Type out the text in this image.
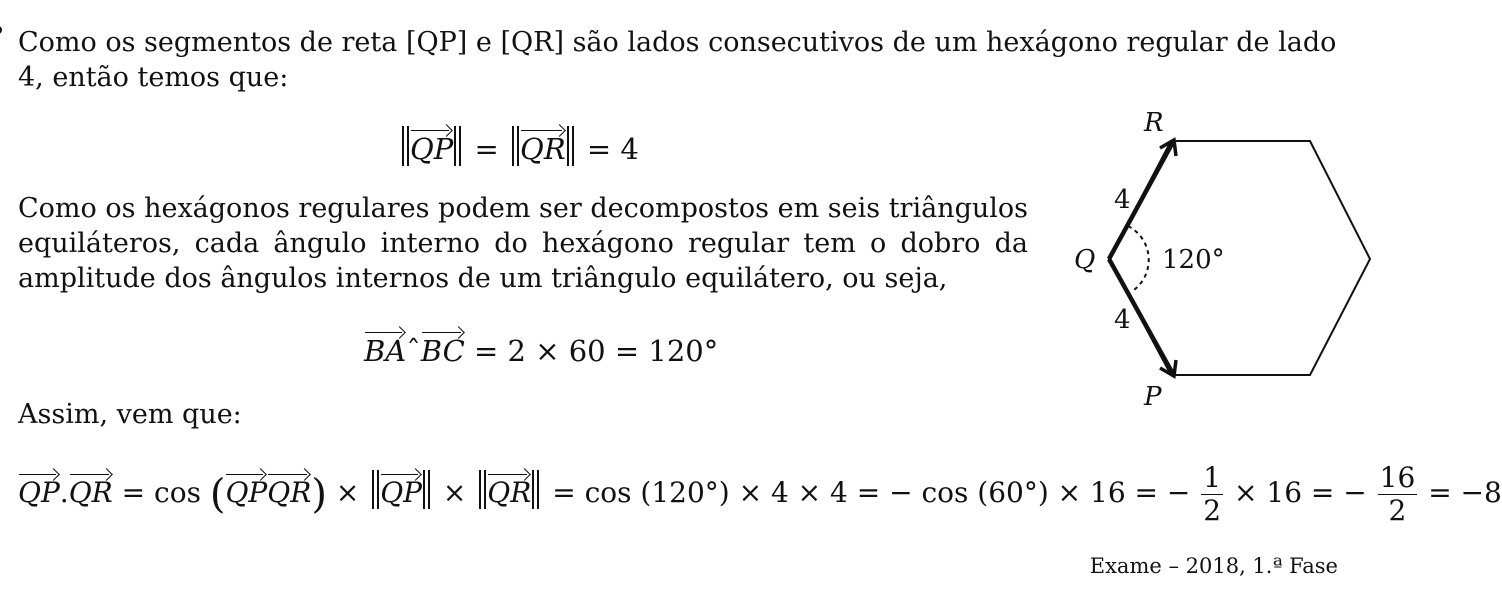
Como os segmentos de reta [QP] e [QR] são lados consecutivos de um hexágono regular de lado 4, então temos que:
QP = QR = 4
Como os hexágonos regulares podem ser decompostos em seis triângulos equiláteros, cada ângulo interno do hexágono regular tem o dobro da amplitude dos ângulos internos de um triângulo equilátero, ou seja,
BAˆBC = 2 × 60 = 120°
Assim, vem que:
QP.QR = cos (QPQR) × QP × QR = cos (120°) × 4 × 4 = − cos (60°) × 16 = − $\frac{1}{2} \times 16$ = − $\frac{16}{2} = -8$
R
Q
P
4
4
120°
Exame – 2018, 1.ª Fase
